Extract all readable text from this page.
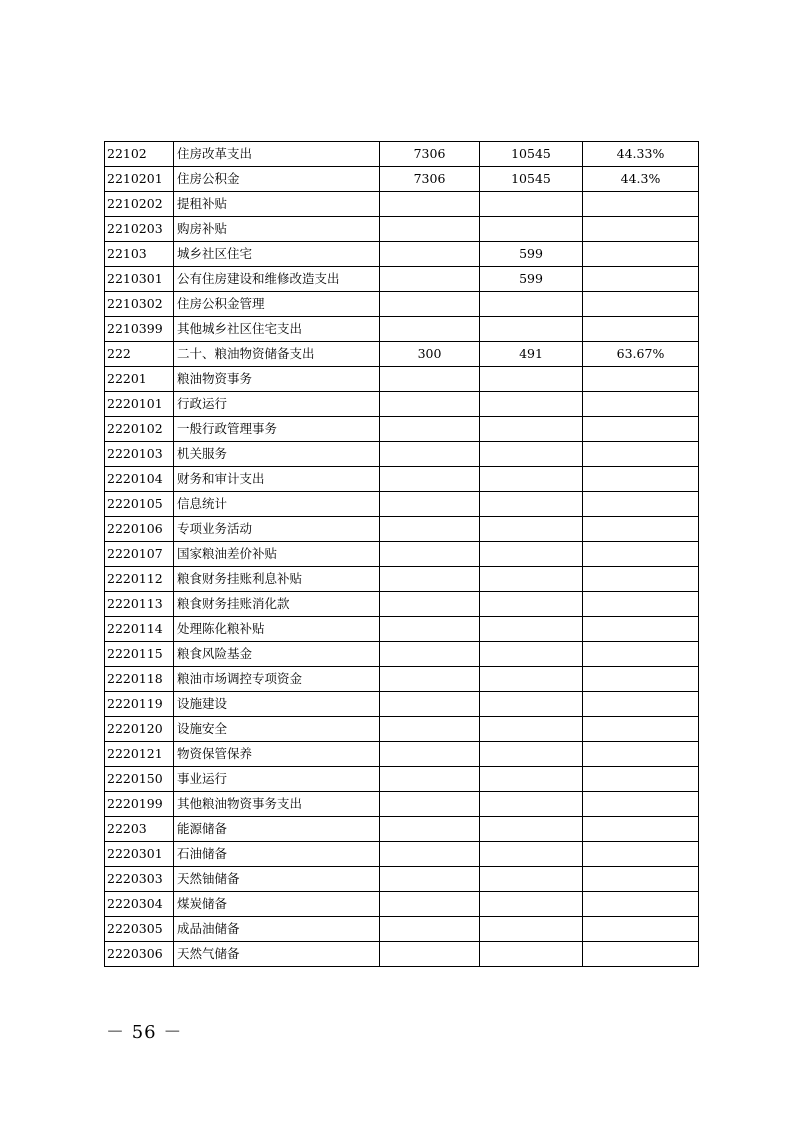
22102	住房改革支出	7306	10545	44.33%
2210201	住房公积金	7306	10545	44.3%
2210202	提租补贴			
2210203	购房补贴			
22103	城乡社区住宅		599	
2210301	公有住房建设和维修改造支出		599	
2210302	住房公积金管理			
2210399	其他城乡社区住宅支出			
222	二十、粮油物资储备支出	300	491	63.67%
22201	粮油物资事务			
2220101	行政运行			
2220102	一般行政管理事务			
2220103	机关服务			
2220104	财务和审计支出			
2220105	信息统计			
2220106	专项业务活动			
2220107	国家粮油差价补贴			
2220112	粮食财务挂账利息补贴			
2220113	粮食财务挂账消化款			
2220114	处理陈化粮补贴			
2220115	粮食风险基金			
2220118	粮油市场调控专项资金			
2220119	设施建设			
2220120	设施安全			
2220121	物资保管保养			
2220150	事业运行			
2220199	其他粮油物资事务支出			
22203	能源储备			
2220301	石油储备			
2220303	天然铀储备			
2220304	煤炭储备			
2220305	成品油储备			
2220306	天然气储备			
－ 56 －
